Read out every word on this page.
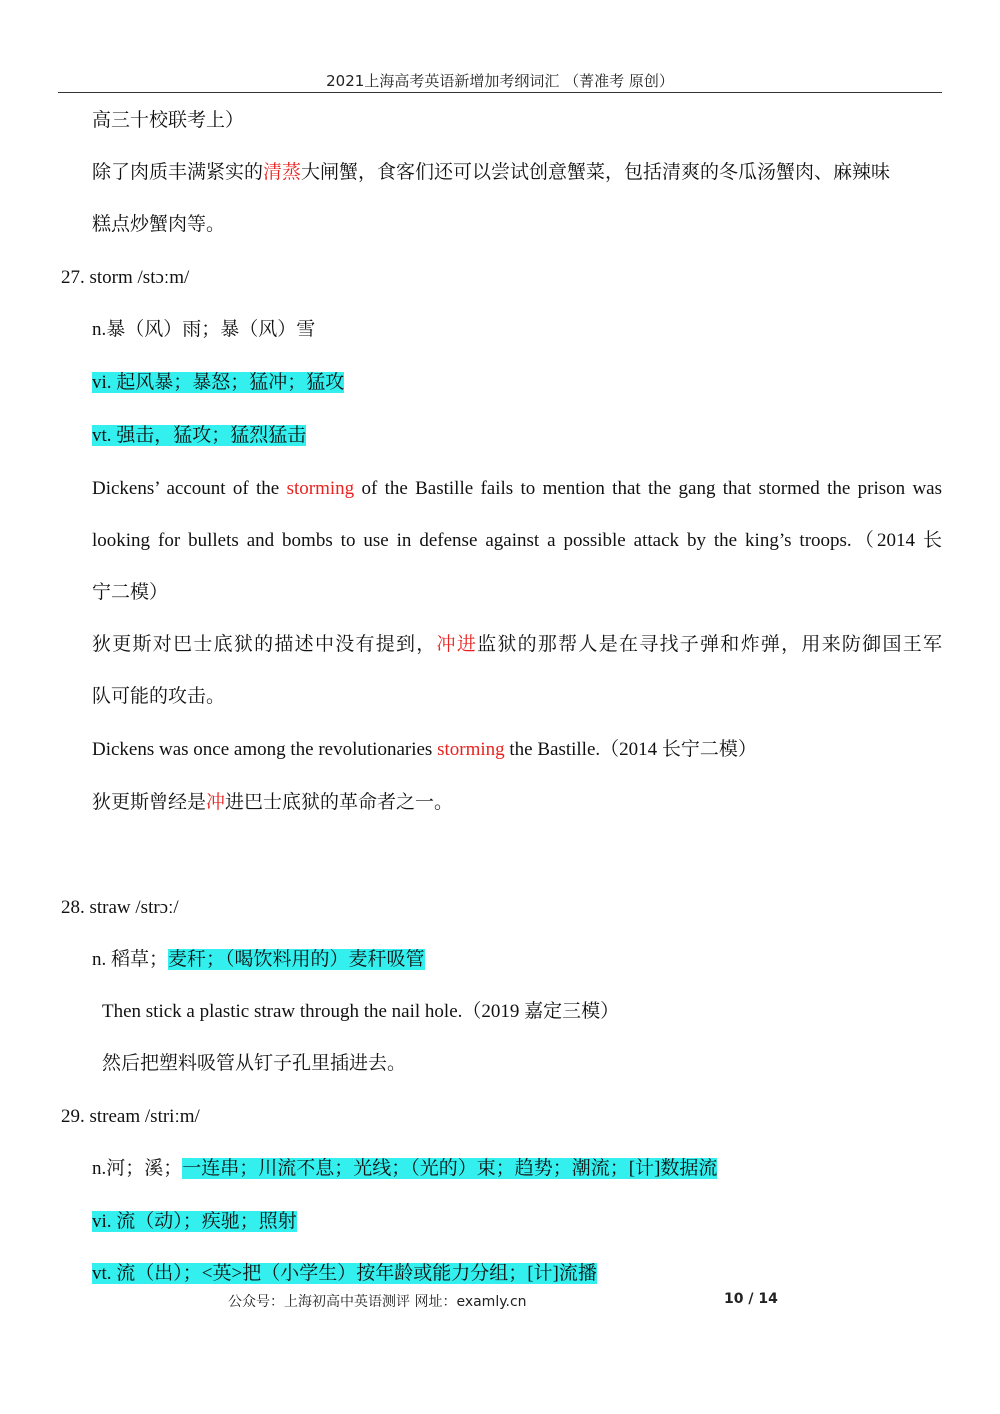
2021上海高考英语新增加考纲词汇 （菁准考 原创）
高三十校联考上）
除了肉质丰满紧实的清蒸大闸蟹，食客们还可以尝试创意蟹菜，包括清爽的冬瓜汤蟹肉、麻辣味
糕点炒蟹肉等。
27. storm /stɔːm/
n.暴（风）雨；暴（风）雪
vi. 起风暴；暴怒；猛冲；猛攻
vt. 强击，猛攻；猛烈猛击
Dickens’ account of the storming of the Bastille fails to mention that the gang that stormed the prison was
looking for bullets and bombs to use in defense against a possible attack by the king’s troops.（2014 长
宁二模）
狄更斯对巴士底狱的描述中没有提到，冲进监狱的那帮人是在寻找子弹和炸弹，用来防御国王军
队可能的攻击。
Dickens was once among the revolutionaries storming the Bastille.（2014 长宁二模）
狄更斯曾经是冲进巴士底狱的革命者之一。
28. straw /strɔː/
n. 稻草；麦秆；（喝饮料用的）麦秆吸管
Then stick a plastic straw through the nail hole.（2019 嘉定三模）
然后把塑料吸管从钉子孔里插进去。
29. stream /striːm/
n.河；溪；一连串；川流不息；光线；（光的）束；趋势；潮流；[计]数据流
vi. 流（动）；疾驰；照射
vt. 流（出）；<英>把（小学生）按年龄或能力分组；[计]流播
公众号：上海初高中英语测评 网址：examly.cn	10 / 14
